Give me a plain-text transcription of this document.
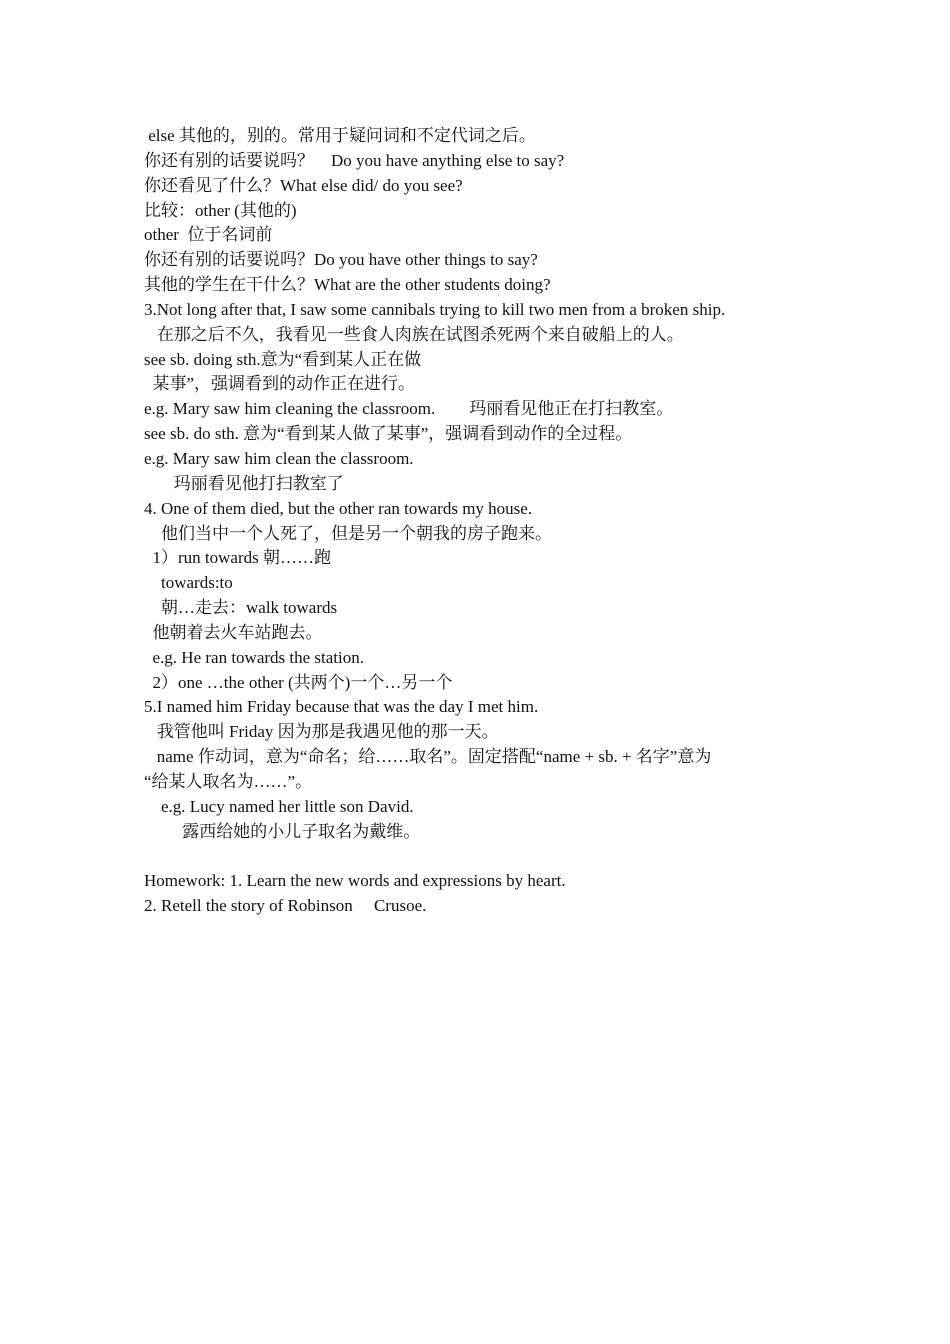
else 其他的，别的。常用于疑问词和不定代词之后。
你还有别的话要说吗？    Do you have anything else to say?
你还看见了什么？What else did/ do you see?
比较：other (其他的)
other  位于名词前
你还有别的话要说吗？Do you have other things to say?
其他的学生在干什么？What are the other students doing?
3.Not long after that, I saw some cannibals trying to kill two men from a broken ship.
在那之后不久，我看见一些食人肉族在试图杀死两个来自破船上的人。
see sb. doing sth.意为“看到某人正在做
某事”，强调看到的动作正在进行。
e.g. Mary saw him cleaning the classroom.        玛丽看见他正在打扫教室。
see sb. do sth. 意为“看到某人做了某事”，强调看到动作的全过程。
e.g. Mary saw him clean the classroom.
玛丽看见他打扫教室了
4. One of them died, but the other ran towards my house.
他们当中一个人死了，但是另一个朝我的房子跑来。
1）run towards 朝……跑
towards:to
朝…走去：walk towards
他朝着去火车站跑去。
e.g. He ran towards the station.
2）one …the other (共两个)一个…另一个
5.I named him Friday because that was the day I met him.
我管他叫 Friday 因为那是我遇见他的那一天。
name 作动词，意为“命名；给……取名”。固定搭配“name + sb. + 名字”意为
“给某人取名为……”。
e.g. Lucy named her little son David.
露西给她的小儿子取名为戴维。
Homework: 1. Learn the new words and expressions by heart.
2. Retell the story of Robinson     Crusoe.
